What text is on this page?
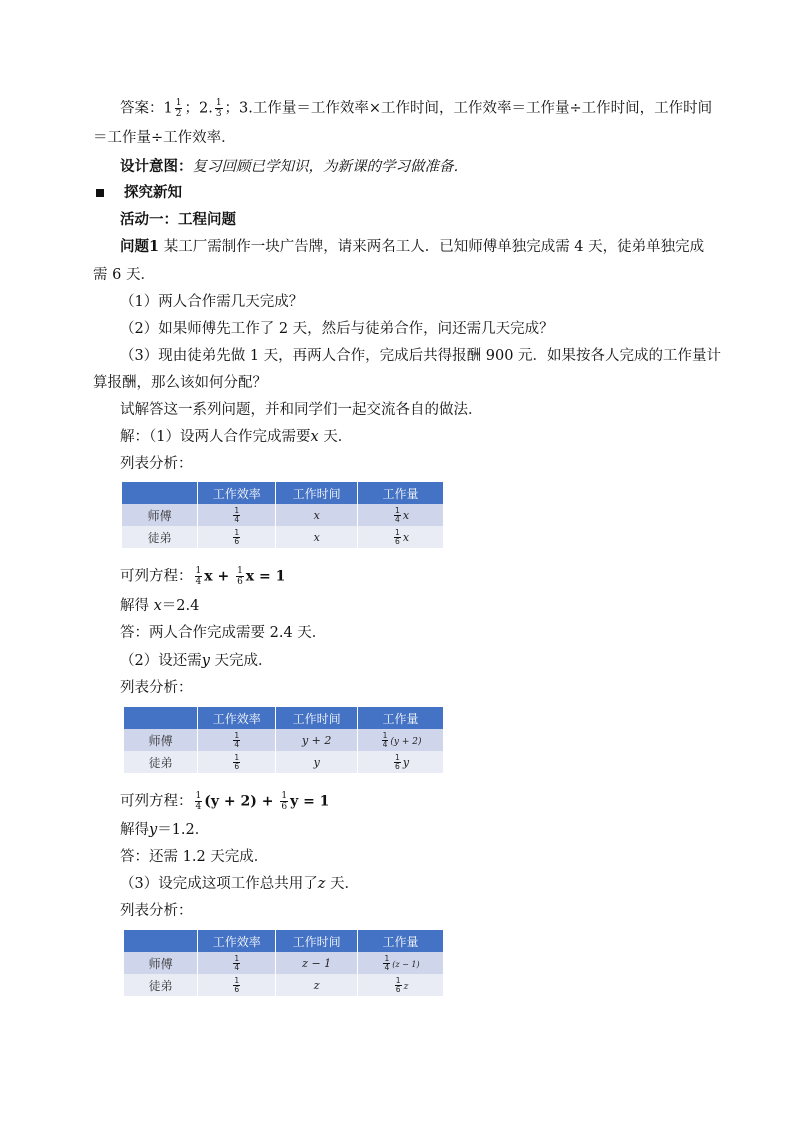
答案：$1 \frac{1}{2}$ ；2. $\frac{1}{3}$ ；3.工作量＝工作效率×工作时间，工作效率＝工作量÷工作时间，工作时间
＝工作量÷工作效率．
设计意图：复习回顾已学知识，为新课的学习做准备．
探究新知
活动一：工程问题
问题1 某工厂需制作一块广告牌，请来两名工人．已知师傅单独完成需 4 天，徒弟单独完成
需 6 天．
（1）两人合作需几天完成？
（2）如果师傅先工作了 2 天，然后与徒弟合作，问还需几天完成？
（3）现由徒弟先做 1 天，再两人合作，完成后共得报酬 900 元．如果按各人完成的工作量计
算报酬，那么该如何分配？
试解答这一系列问题，并和同学们一起交流各自的做法．
解：（1）设两人合作完成需要x 天．
列表分析：
	工作效率	工作时间	工作量
师傅	$\frac{1}{4}$	x	$\frac{1}{4}$ x
徒弟	$\frac{1}{6}$	x	$\frac{1}{6}$ x
可列方程： $\frac{1}{4}$ $x + \frac{1}{6}$ x = 1
解得 x＝2.4
答：两人合作完成需要 2.4 天．
（2）设还需y 天完成．
列表分析：
	工作效率	工作时间	工作量
师傅	$\frac{1}{4}$	y + 2	$\frac{1}{4} (y + 2)$
徒弟	$\frac{1}{6}$	y	$\frac{1}{6}$ y
可列方程： $\frac{1}{4} (y + 2) + \frac{1}{6}$ y = 1
解得y＝1.2．
答：还需 1.2 天完成．
（3）设完成这项工作总共用了z 天．
列表分析：
	工作效率	工作时间	工作量
师傅	$\frac{1}{4}$	z − 1	$\frac{1}{4} (z - 1)$
徒弟	$\frac{1}{6}$	z	$\frac{1}{6}$ z
